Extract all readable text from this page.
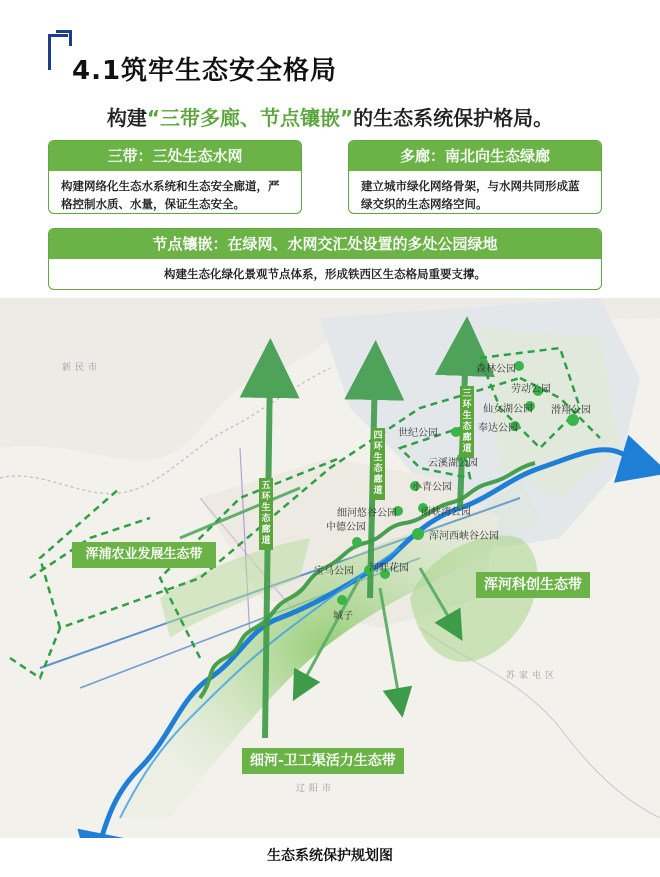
4.1筑牢生态安全格局
构建“三带多廊、节点镶嵌”的生态系统保护格局。
三带：三处生态水网
构建网络化生态水系统和生态安全廊道，严格控制水质、水量，保证生态安全。
多廊：南北向生态绿廊
建立城市绿化网络骨架，与水网共同形成蓝绿交织的生态网络空间。
节点镶嵌：在绿网、水网交汇处设置的多处公园绿地
构建生态化绿化景观节点体系，形成铁西区生态格局重要支撑。
新民市
苏家屯区
辽阳市
五环生态廊道
四环生态廊道
三环生态廊道
森林公园
劳动公园
仙女湖公园 滑翔公园
奉达公园
世纪公园
云溪湖公园
小青公园
细河悠谷公园 雨峡湾公园
浑河西峡谷公园
中德公园
宝马公园 河畔花园
城子
浑浦农业发展生态带
浑河科创生态带
细河-卫工渠活力生态带
生态系统保护规划图
